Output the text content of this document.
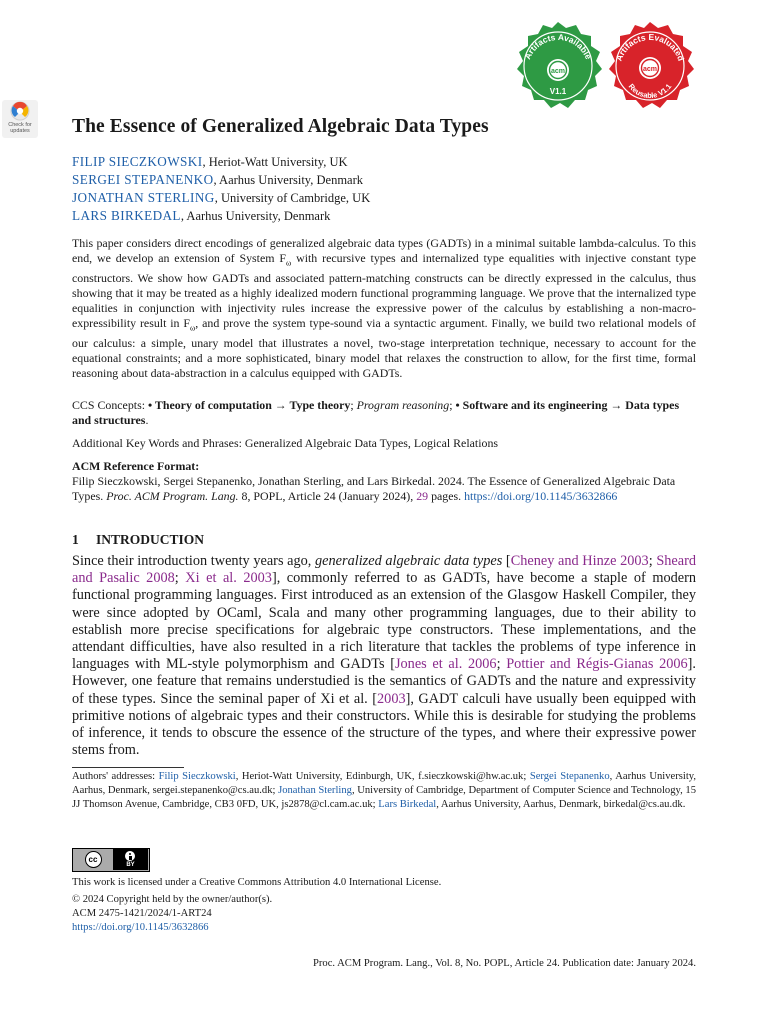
Check for
updates
Artifacts Available
acm
V1.1
Artifacts Evaluated
acm
Reusable V1.1
The Essence of Generalized Algebraic Data Types
FILIP SIECZKOWSKI, Heriot-Watt University, UK
SERGEI STEPANENKO, Aarhus University, Denmark
JONATHAN STERLING, University of Cambridge, UK
LARS BIRKEDAL, Aarhus University, Denmark
This paper considers direct encodings of generalized algebraic data types (GADTs) in a minimal suitable lambda-calculus. To this end, we develop an extension of System $F_\omega$ with recursive types and internalized type equalities with injective constant type constructors. We show how GADTs and associated pattern-matching constructs can be directly expressed in the calculus, thus showing that it may be treated as a highly idealized modern functional programming language. We prove that the internalized type equalities in conjunction with injectivity rules increase the expressive power of the calculus by establishing a non-macro-expressibility result in $F_\omega$, and prove the system type-sound via a syntactic argument. Finally, we build two relational models of our calculus: a simple, unary model that illustrates a novel, two-stage interpretation technique, necessary to account for the equational constraints; and a more sophisticated, binary model that relaxes the construction to allow, for the first time, formal reasoning about data-abstraction in a calculus equipped with GADTs.
CCS Concepts: • Theory of computation → Type theory; Program reasoning; • Software and its engineering → Data types and structures.
Additional Key Words and Phrases: Generalized Algebraic Data Types, Logical Relations
ACM Reference Format:
Filip Sieczkowski, Sergei Stepanenko, Jonathan Sterling, and Lars Birkedal. 2024. The Essence of Generalized Algebraic Data Types. Proc. ACM Program. Lang. 8, POPL, Article 24 (January 2024), 29 pages. https://doi.org/10.1145/3632866
1 INTRODUCTION
Since their introduction twenty years ago, generalized algebraic data types [Cheney and Hinze 2003; Sheard and Pasalic 2008; Xi et al. 2003], commonly referred to as GADTs, have become a staple of modern functional programming languages. First introduced as an extension of the Glasgow Haskell Compiler, they were since adopted by OCaml, Scala and many other programming languages, due to their ability to establish more precise specifications for algebraic type constructors. These implementations, and the attendant difficulties, have also resulted in a rich literature that tackles the problems of type inference in languages with ML-style polymorphism and GADTs [Jones et al. 2006; Pottier and Régis-Gianas 2006]. However, one feature that remains understudied is the semantics of GADTs and the nature and expressivity of these types. Since the seminal paper of Xi et al. [2003], GADT calculi have usually been equipped with primitive notions of algebraic types and their constructors. While this is desirable for studying the problems of inference, it tends to obscure the essence of the structure of the types, and where their expressive power stems from.
Authors' addresses: Filip Sieczkowski, Heriot-Watt University, Edinburgh, UK, f.sieczkowski@hw.ac.uk; Sergei Stepanenko, Aarhus University, Aarhus, Denmark, sergei.stepanenko@cs.au.dk; Jonathan Sterling, University of Cambridge, Department of Computer Science and Technology, 15 JJ Thomson Avenue, Cambridge, CB3 0FD, UK, js2878@cl.cam.ac.uk; Lars Birkedal, Aarhus University, Aarhus, Denmark, birkedal@cs.au.dk.
cc
BY
This work is licensed under a Creative Commons Attribution 4.0 International License.
© 2024 Copyright held by the owner/author(s).
ACM 2475-1421/2024/1-ART24
https://doi.org/10.1145/3632866
Proc. ACM Program. Lang., Vol. 8, No. POPL, Article 24. Publication date: January 2024.
